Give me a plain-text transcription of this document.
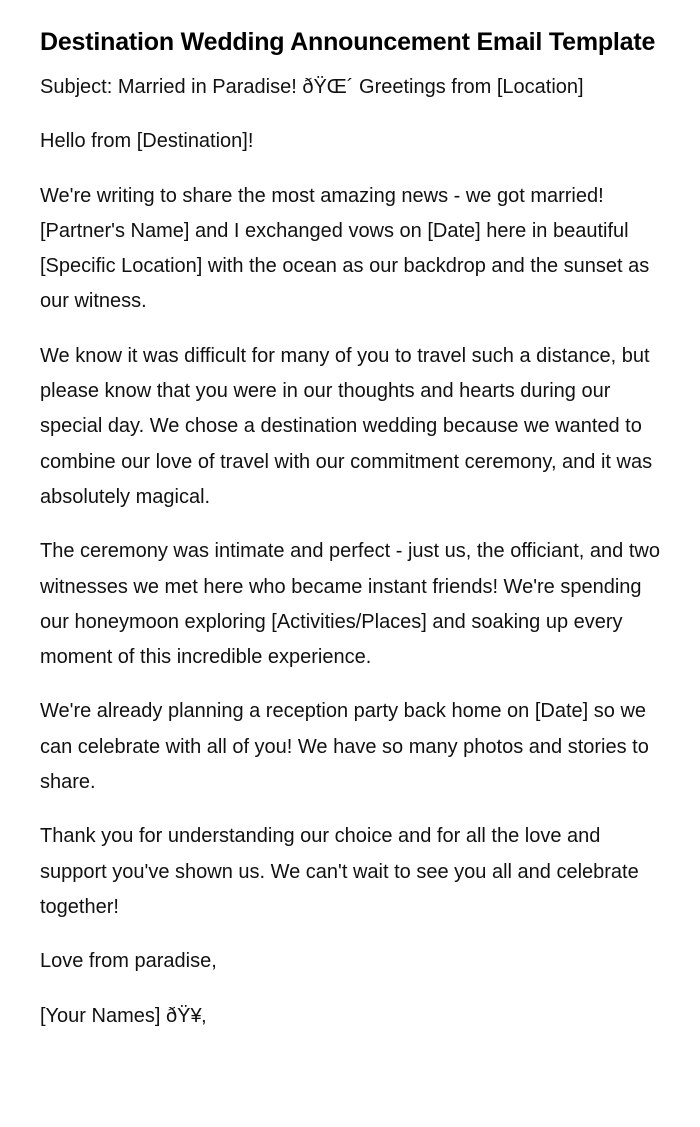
Destination Wedding Announcement Email Template

Subject: Married in Paradise! ðŸŒ´ Greetings from [Location]

Hello from [Destination]!

We're writing to share the most amazing news - we got married! [Partner's Name] and I exchanged vows on [Date] here in beautiful [Specific Location] with the ocean as our backdrop and the sunset as our witness.

We know it was difficult for many of you to travel such a distance, but please know that you were in our thoughts and hearts during our special day. We chose a destination wedding because we wanted to combine our love of travel with our commitment ceremony, and it was absolutely magical.

The ceremony was intimate and perfect - just us, the officiant, and two witnesses we met here who became instant friends! We're spending our honeymoon exploring [Activities/Places] and soaking up every moment of this incredible experience.

We're already planning a reception party back home on [Date] so we can celebrate with all of you! We have so many photos and stories to share.

Thank you for understanding our choice and for all the love and support you've shown us. We can't wait to see you all and celebrate together!

Love from paradise,

[Your Names] ðŸ¥‚
